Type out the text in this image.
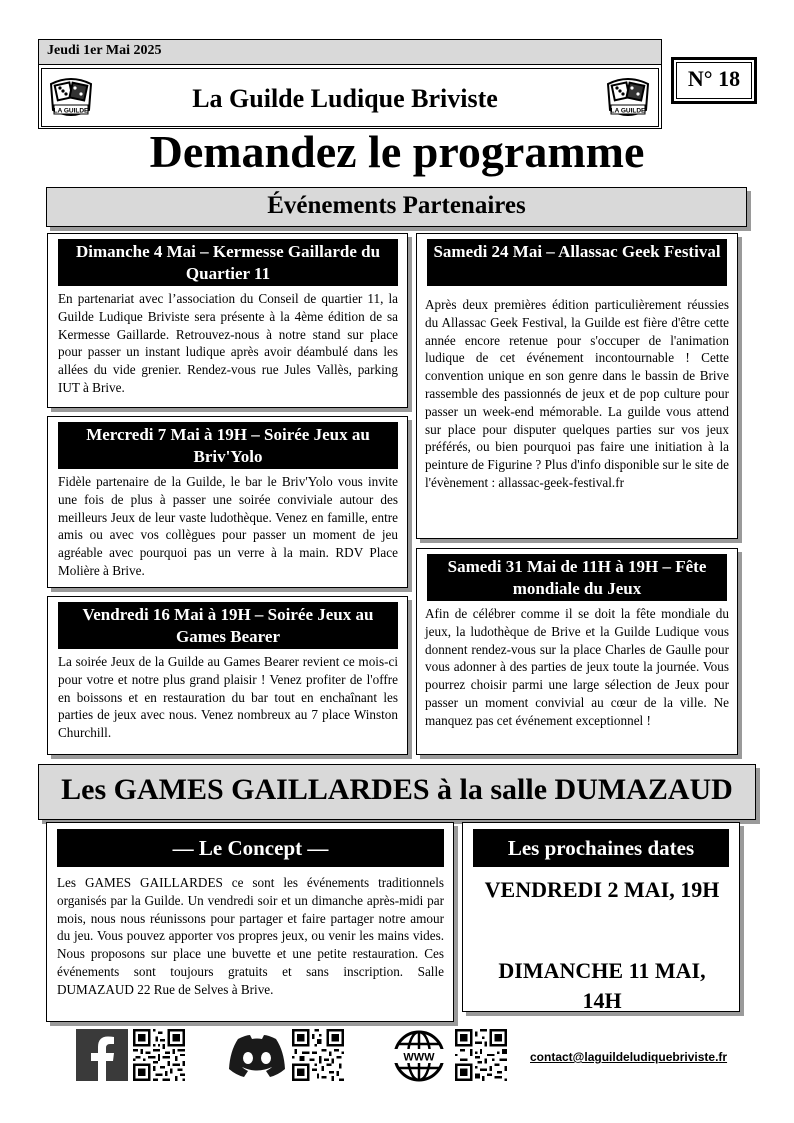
Jeudi 1er Mai 2025
LA GUILDE	LA GUILDE
La Guilde Ludique Briviste
N° 18
Demandez le programme
Événements Partenaires
Dimanche 4 Mai – Kermesse Gaillarde du Quartier 11
En partenariat avec l’association du Conseil de quartier 11, la Guilde Ludique Briviste sera présente à la 4ème édition de sa Kermesse Gaillarde. Retrouvez-nous à notre stand sur place pour passer un instant ludique après avoir déambulé dans les allées du vide grenier. Rendez-vous rue Jules Vallès, parking IUT à Brive.
Mercredi 7 Mai à 19H – Soirée Jeux au Briv'Yolo
Fidèle partenaire de la Guilde, le bar le Briv'Yolo vous invite une fois de plus à passer une soirée conviviale autour des meilleurs Jeux de leur vaste ludothèque. Venez en famille, entre amis ou avec vos collègues pour passer un moment de jeu agréable avec pourquoi pas un verre à la main. RDV Place Molière à Brive.
Vendredi 16 Mai à 19H – Soirée Jeux au Games Bearer
La soirée Jeux de la Guilde au Games Bearer revient ce mois-ci pour votre et notre plus grand plaisir ! Venez profiter de l'offre en boissons et en restauration du bar tout en enchaînant les parties de jeux avec nous. Venez nombreux au 7 place Winston Churchill.
Samedi 24 Mai – Allassac Geek Festival
Après deux premières édition particulièrement réussies du Allassac Geek Festival, la Guilde est fière d'être cette année encore retenue pour s'occuper de l'animation ludique de cet événement incontournable ! Cette convention unique en son genre dans le bassin de Brive rassemble des passionnés de jeux et de pop culture pour passer un week-end mémorable. La guilde vous attend sur place pour disputer quelques parties sur vos jeux préférés, ou bien pourquoi pas faire une initiation à la peinture de Figurine ? Plus d'info disponible sur le site de l'évènement : allassac-geek-festival.fr
Samedi 31 Mai de 11H à 19H – Fête mondiale du Jeux
Afin de célébrer comme il se doit la fête mondiale du jeux, la ludothèque de Brive et la Guilde Ludique vous donnent rendez-vous sur la place Charles de Gaulle pour vous adonner à des parties de jeux toute la journée. Vous pourrez choisir parmi une large sélection de Jeux pour passer un moment convivial au cœur de la ville. Ne manquez pas cet événement exceptionnel !
Les GAMES GAILLARDES à la salle DUMAZAUD
— Le Concept —
Les GAMES GAILLARDES ce sont les événements traditionnels organisés par la Guilde. Un vendredi soir et un dimanche après-midi par mois, nous nous réunissons pour partager et faire partager notre amour du jeu. Vous pouvez apporter vos propres jeux, ou venir les mains vides. Nous proposons sur place une buvette et une petite restauration. Ces événements sont toujours gratuits et sans inscription. Salle DUMAZAUD 22 Rue de Selves à Brive.
Les prochaines dates
VENDREDI 2 MAI, 19H
DIMANCHE 11 MAI, 14H
WWW	contact@laguildeludiquebriviste.fr
